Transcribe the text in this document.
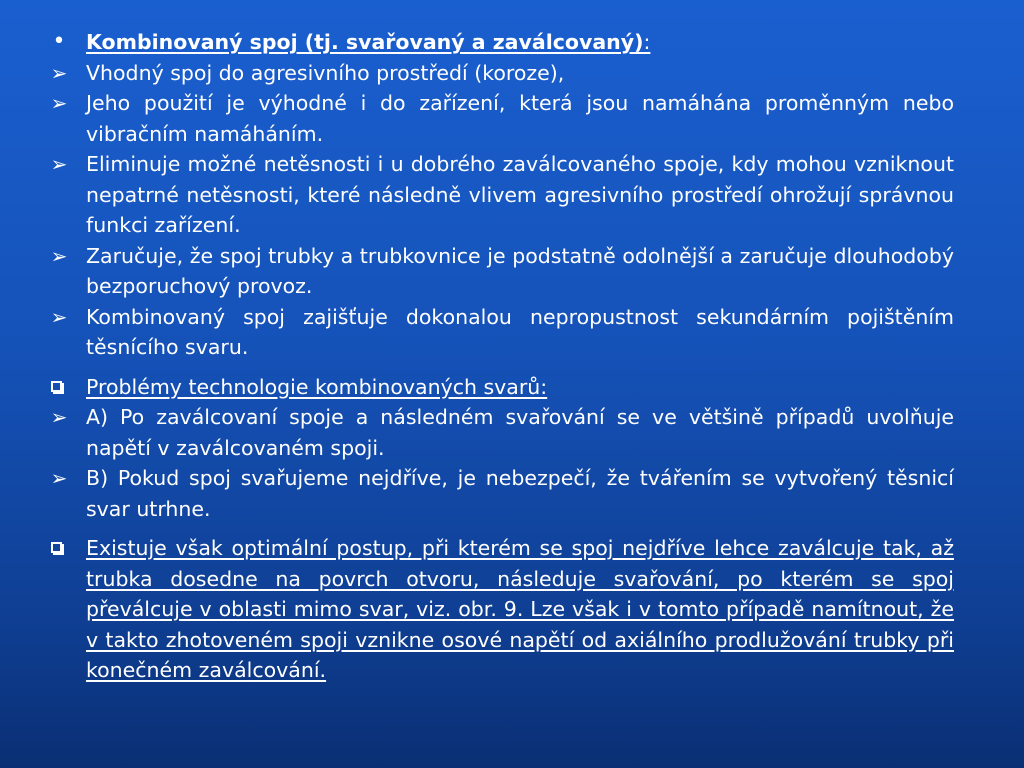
•	Kombinovaný spoj (tj. svařovaný a zaválcovaný):
➢ Vhodný spoj do agresivního prostředí (koroze),
➢ Jeho použití je výhodné i do zařízení, která jsou namáhána proměnným nebo vibračním namáháním.
➢ Eliminuje možné netěsnosti i u dobrého zaválcovaného spoje, kdy mohou vzniknout nepatrné netěsnosti, které následně vlivem agresivního prostředí ohrožují správnou funkci zařízení.
➢ Zaručuje, že spoj trubky a trubkovnice je podstatně odolnější a zaručuje dlouhodobý bezporuchový provoz.
➢ Kombinovaný spoj zajišťuje dokonalou nepropustnost sekundárním pojištěním těsnícího svaru.
Problémy technologie kombinovaných svarů:
➢ A) Po zaválcovaní spoje a následném svařování se ve většině případů uvolňuje napětí v zaválcovaném spoji.
➢ B) Pokud spoj svařujeme nejdříve, je nebezpečí, že tvářením se vytvořený těsnicí svar utrhne.
Existuje však optimální postup, při kterém se spoj nejdříve lehce zaválcuje tak, až trubka dosedne na povrch otvoru, následuje svařování, po kterém se spoj převálcuje v oblasti mimo svar, viz. obr. 9. Lze však i v tomto případě namítnout, že v takto zhotoveném spoji vznikne osové napětí od axiálního prodlužování trubky při konečném zaválcování.
